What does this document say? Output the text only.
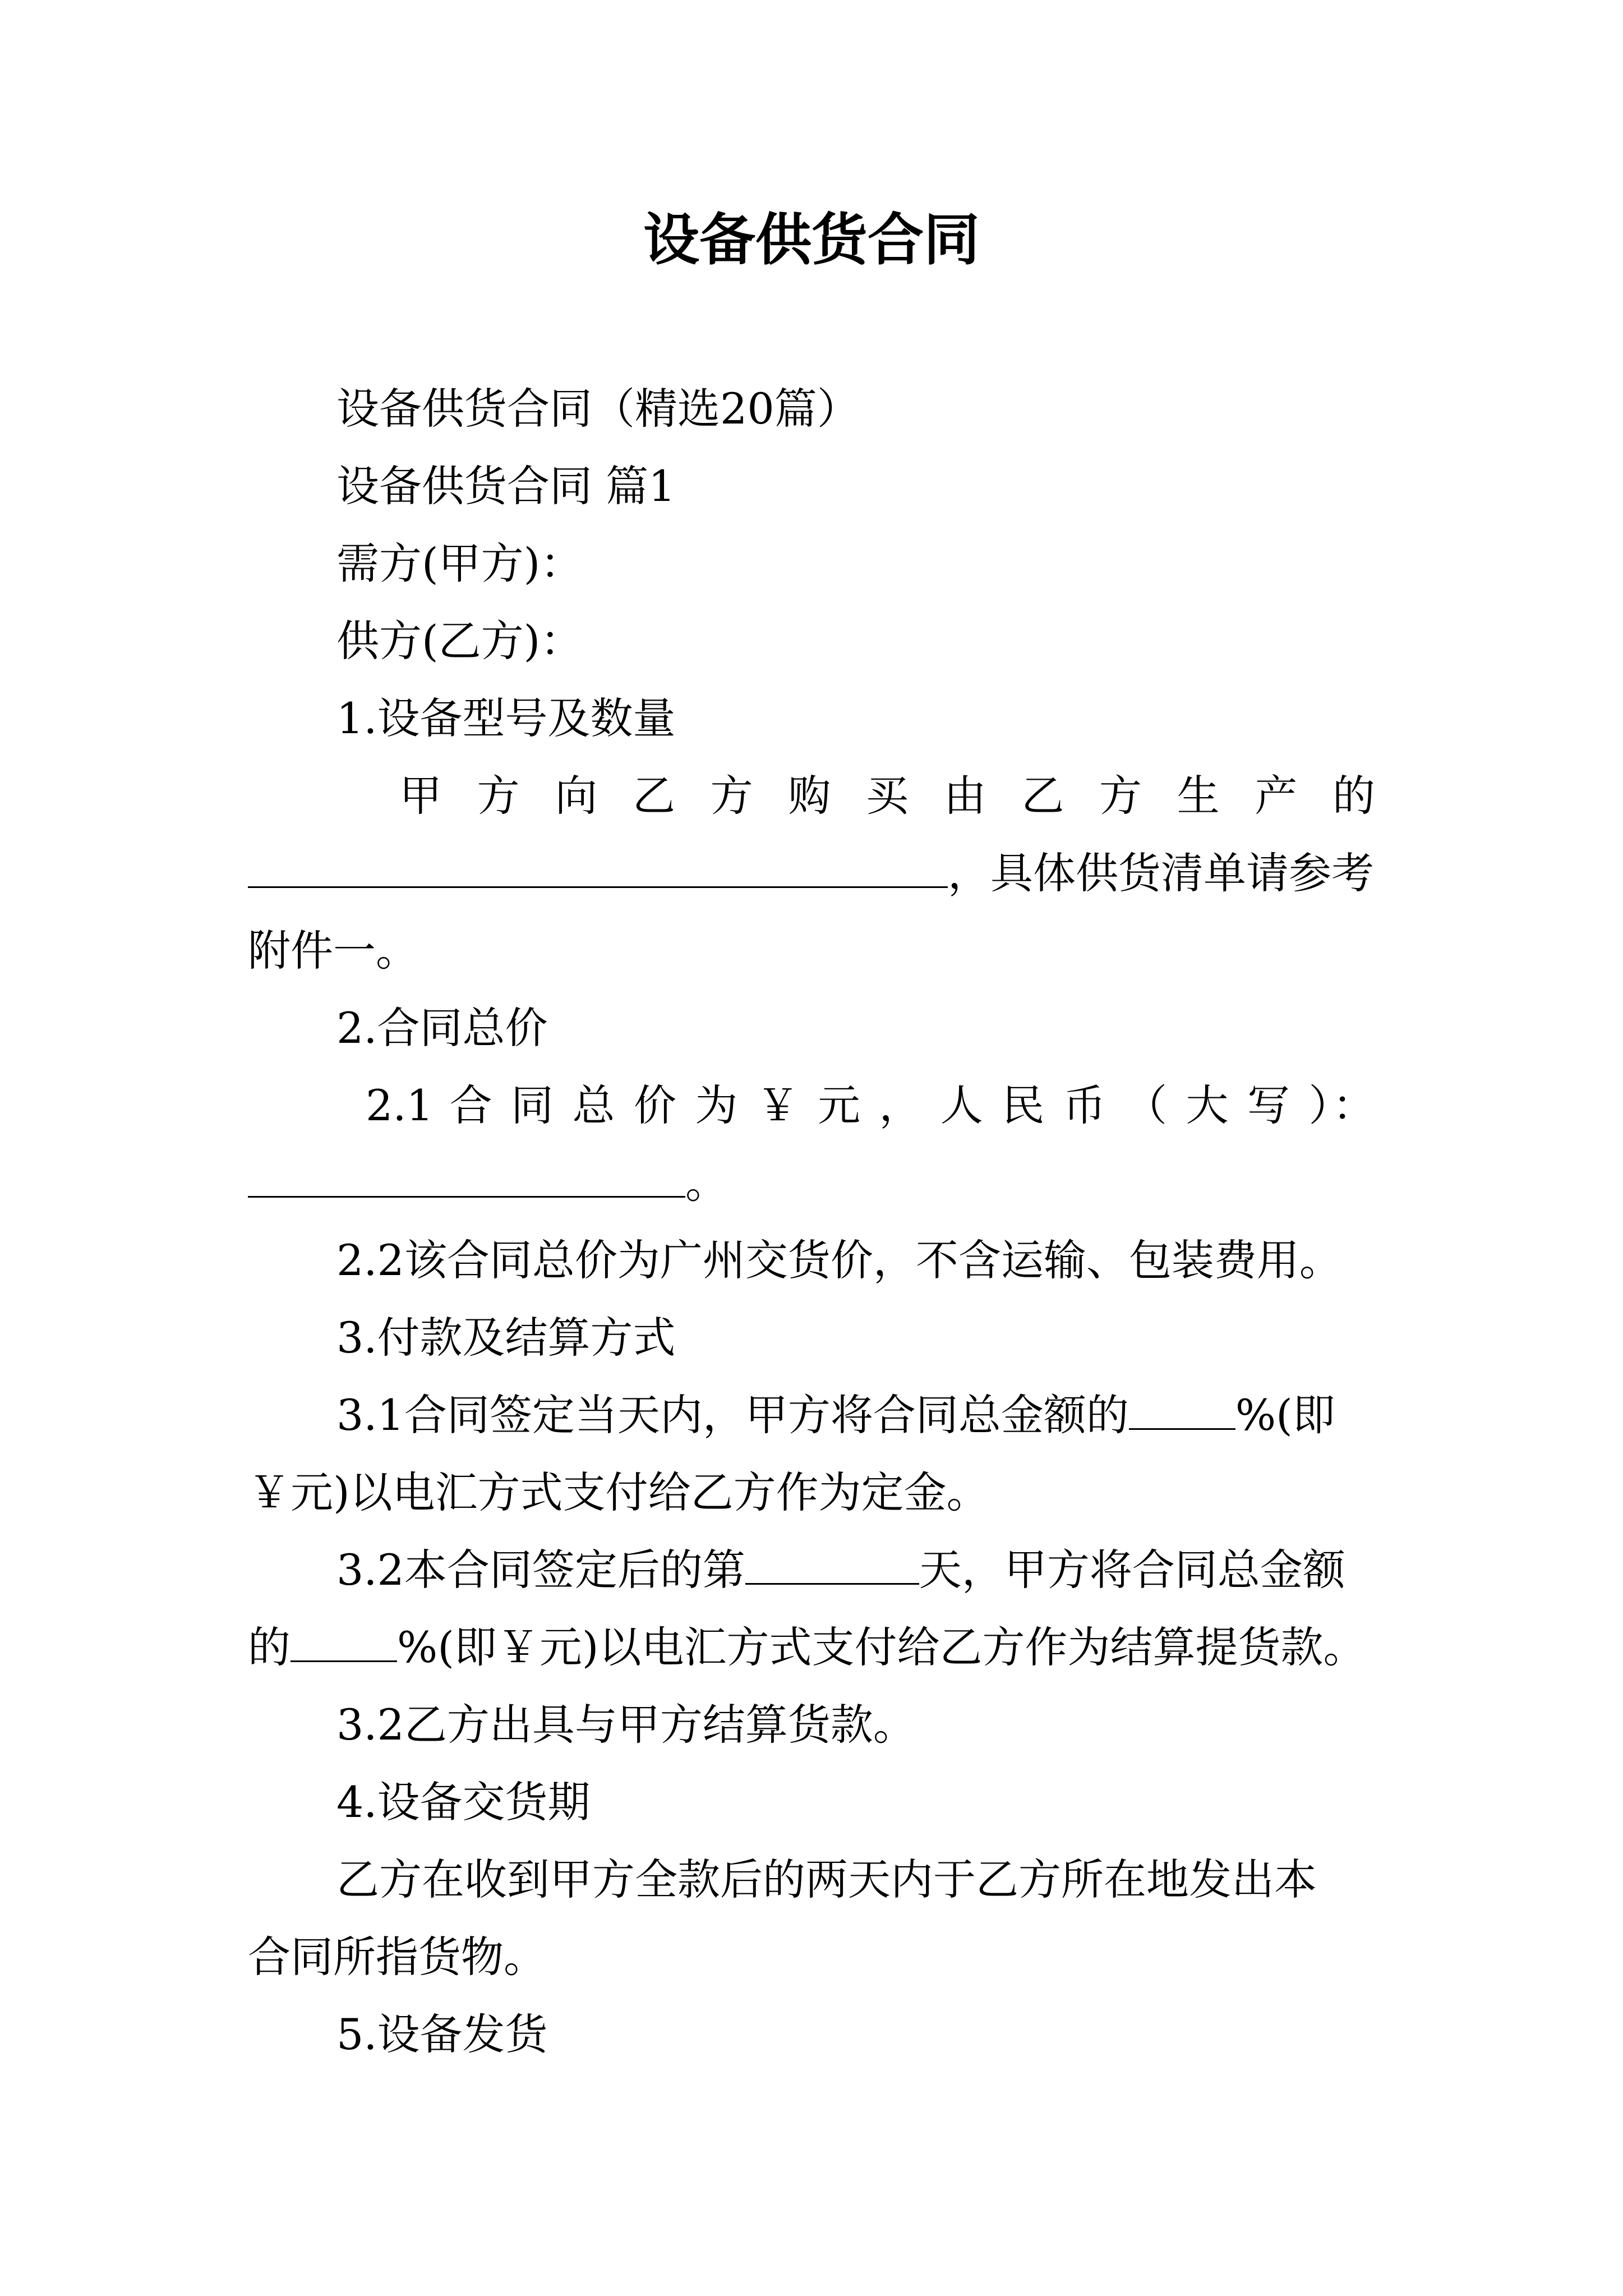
设备供货合同
设备供货合同（精选20篇）
设备供货合同 篇1
需方(甲方)：
供方(乙方)：
1.设备型号及数量
甲 方 向 乙 方 购 买 由 乙 方 生 产 的
，具体供货清单请参考
附件一。
2.合同总价
2.1 合 同 总 价 为 ￥ 元 ， 人 民 币 （ 大 写 ）：
。
2.2该合同总价为广州交货价，不含运输、包装费用。
3.付款及结算方式
3.1合同签定当天内，甲方将合同总金额的	%(即
￥元)以电汇方式支付给乙方作为定金。
3.2本合同签定后的第	天，甲方将合同总金额
的	%(即￥元)以电汇方式支付给乙方作为结算提货款。
3.2乙方出具与甲方结算货款。
4.设备交货期
乙方在收到甲方全款后的两天内于乙方所在地发出本
合同所指货物。
5.设备发货
